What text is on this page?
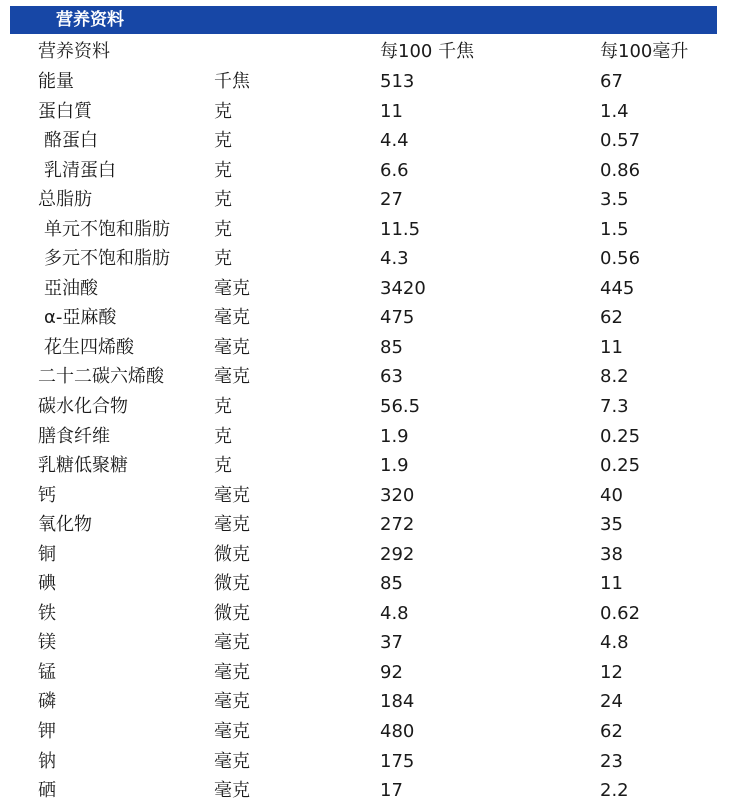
营养资料
营养资料	每100 千焦	每100毫升
能量	千焦	513	67
蛋白質	克	11	1.4
酪蛋白	克	4.4	0.57
乳清蛋白	克	6.6	0.86
总脂肪	克	27	3.5
单元不饱和脂肪 克	11.5	1.5
多元不饱和脂肪 克	4.3	0.56
亞油酸	毫克	3420	445
α-亞麻酸	毫克	475	62
花生四烯酸	毫克	85	11
二十二碳六烯酸	毫克	63	8.2
碳水化合物	克	56.5	7.3
膳食纤维	克	1.9	0.25
乳糖低聚糖	克	1.9	0.25
钙	毫克	320	40
氧化物	毫克	272	35
铜	微克	292	38
碘	微克	85	11
铁	微克	4.8	0.62
镁	毫克	37	4.8
锰	毫克	92	12
磷	毫克	184	24
钾	毫克	480	62
钠	毫克	175	23
硒	毫克	17	2.2
